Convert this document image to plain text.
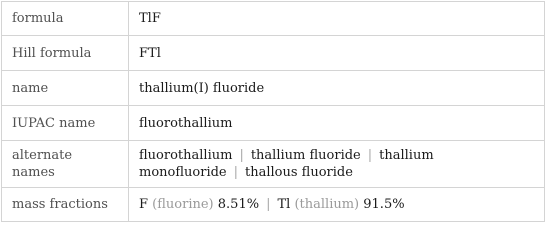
formula	TlF
Hill formula	FTl
name	thallium(I) fluoride
IUPAC name	fluorothallium
alternate names	fluorothallium | thallium fluoride | thallium monofluoride | thallous fluoride
mass fractions	F (fluorine) 8.51% | Tl (thallium) 91.5%
